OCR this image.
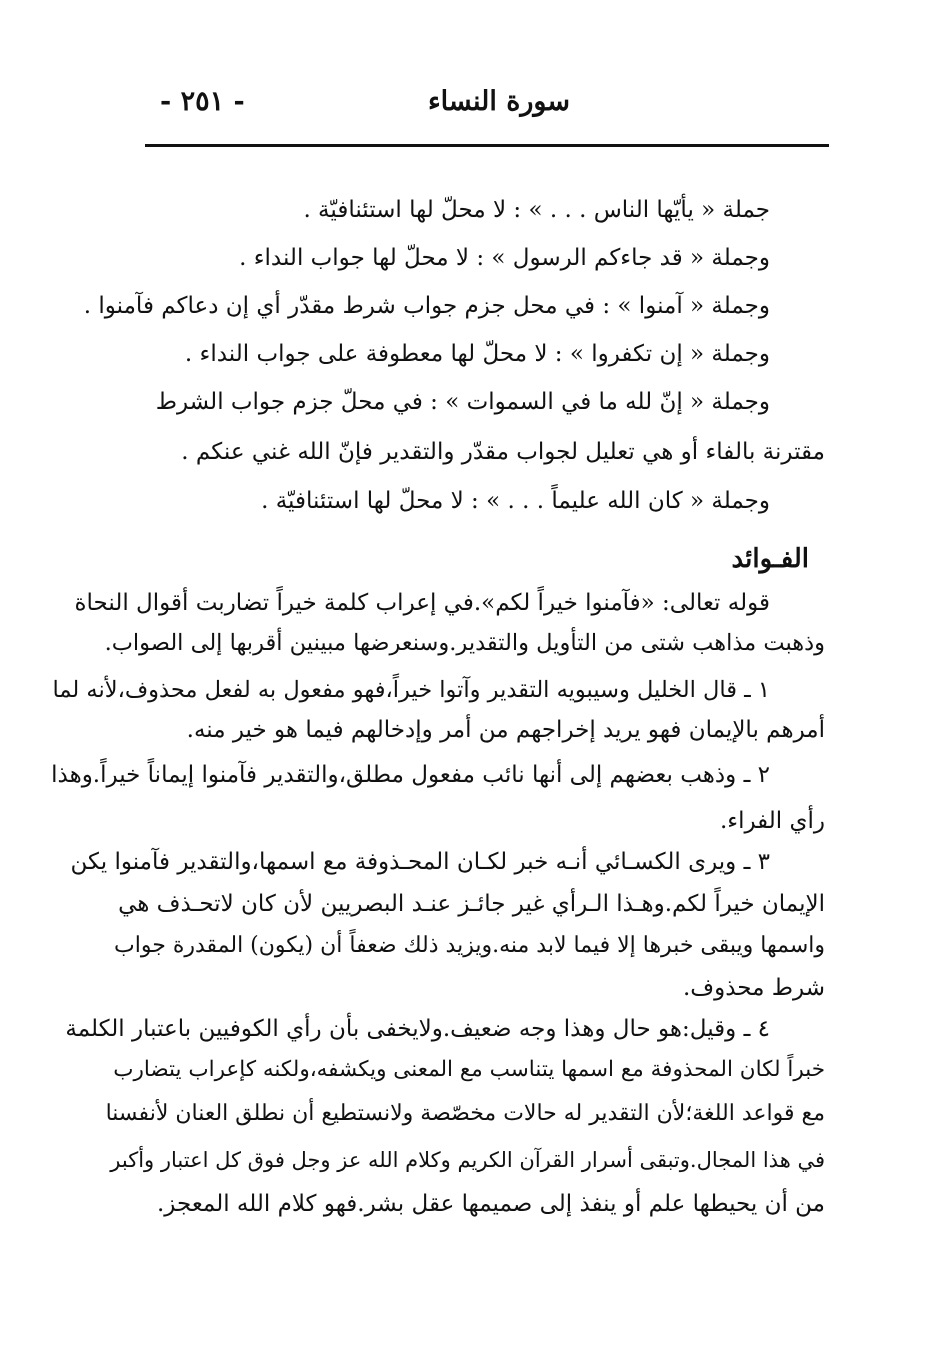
سورة النساء
- ٢٥١ -
جملة « يأيّها الناس . . . » : لا محلّ لها استئنافيّة .
وجملة « قد جاءكم الرسول » : لا محلّ لها جواب النداء .
وجملة « آمنوا » : في محل جزم جواب شرط مقدّر أي إن دعاكم فآمنوا .
وجملة « إن تكفروا » : لا محلّ لها معطوفة على جواب النداء .
وجملة « إنّ لله ما في السموات » : في محلّ جزم جواب الشرط
مقترنة بالفاء أو هي تعليل لجواب مقدّر والتقدير فإنّ الله غني عنكم .
وجملة « كان الله عليماً . . . » : لا محلّ لها استئنافيّة .
الفـوائد
قوله تعالى: «فآمنوا خيراً لكم».في إعراب كلمة خيراً تضاربت أقوال النحاة
وذهبت مذاهب شتى من التأويل والتقدير.وسنعرضها مبينين أقربها إلى الصواب.
١ ـ قال الخليل وسيبويه التقدير وآتوا خيراً،فهو مفعول به لفعل محذوف،لأنه لما
أمرهم بالإيمان فهو يريد إخراجهم من أمر وإدخالهم فيما هو خير منه.
٢ ـ وذهب بعضهم إلى أنها نائب مفعول مطلق،والتقدير فآمنوا إيماناً خيراً.وهذا
رأي الفراء.
٣ ـ ويرى الكسـائي أنـه خبر لكـان المحـذوفة مع اسمها،والتقدير فآمنوا يكن
الإيمان خيراً لكم.وهـذا الـرأي غير جائـز عنـد البصريين لأن كان لاتحـذف هي
واسمها ويبقى خبرها إلا فيما لابد منه.ويزيد ذلك ضعفاً أن (يكون) المقدرة جواب
شرط محذوف.
٤ ـ وقيل:هو حال وهذا وجه ضعيف.ولايخفى بأن رأي الكوفيين باعتبار الكلمة
خبراً لكان المحذوفة مع اسمها يتناسب مع المعنى ويكشفه،ولكنه كإعراب يتضارب
مع قواعد اللغة؛لأن التقدير له حالات مخصّصة ولانستطيع أن نطلق العنان لأنفسنا
في هذا المجال.وتبقى أسرار القرآن الكريم وكلام الله عز وجل فوق كل اعتبار وأكبر
من أن يحيطها علم أو ينفذ إلى صميمها عقل بشر.فهو كلام الله المعجز.
